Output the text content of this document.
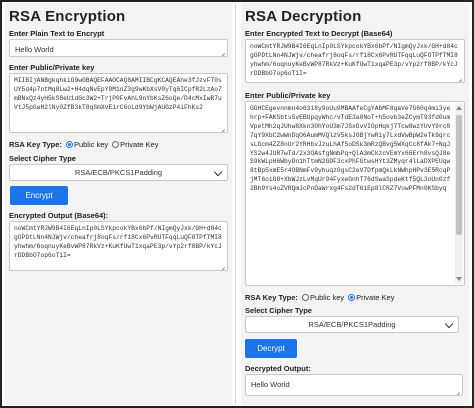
RSA Encryption
Enter Plain Text to Encrypt
Hello World
Enter Public/Private key
MIIBIjANBgkqhkiG9w0BAQEFAAOCAQ8AMIIBCgKCAQEAhe3fJzvFT0sUY5d4p7ntMq8Lw2+H4dqNvEpY0M1nZ3g9wKbXsV0yTq6ICpfR2LzAo7mBNxQz4yH5kS8eU1dGc3W2+TrjP0FvAhL9nYbKsZ6oQe/D4cMxIwR7uVtJ5pGaH2lNy0ZfB3kT8qSmXvE1rC6oLd9YbWjAUGzP4iFhKs2
RSA Key Type: Public key Private Key
Select Cipher Type
RSA/ECB/PKCS1Padding
Encrypt
Encrypted Output (Base64):
noWCmtYRJW9B4I6EqLnIp0LSYkpcokYBx6bPf/NIgmQyJxk/GH+d84cgOPDtLNn4NJWjv/cheafrj8oqFs/rf18Cx6PvRUTFqqLuQFOTPfTMI8yhwhm/6oqnuyKeBvWP87RkVz+KuKfUwT1xqaPE3p/vYp2rf8BP/kYcJrDDBbO7op6oT1I=
RSA Decryption
Enter Encrypted Text to Decrypt (Base64)
noWCmtYRJW9B4I6EqLnIp0LSYkpcokYBx6bPf/NIgmQyJxk/GH+d84cgOPDtLNn4NJWjv/cheafrj8oqFs/rf18Cx6PvRUTFqqLuQFOTPfTMI8yhwhm/6oqnuyKeBvWP87RkVz+KuKfUwT1xqaPE3p/vYp2rf8BP/kYcJrDDBbO7op6oT1I=
Enter Public/Private key
GGHCEgevnnmn4o63i8y9oUu9MBAAfeCgYAbMF8qaVe7G60q4mi3yehrp+FAKSbts5vEBUpqyWhc/vTdE3a0NoT+h5ovb3eZCymT93fd0umVpetMh2qJUhw8Xkn30hYoU3m7JSxGvVIOpHqkj7Tcw8wzYUvY9rc87qY9XbC2wWnDqO6AumMVQlzV5ksJOBjYwRiy7LxdVwBpW2eTk9qrcsLGcm4ZZ8nUr2YRHbvJzuLhAf5oDSk3mRzQBvg5WXqCc8fAk7+NqJYS2w4JUR7wTd/2x3OAsfgNmbPq+QlA3mCkzcVEmYx66Erh8vsQJ8eS9kWLpH6WbyDn1hTtmN2GDF3cxPhFGtwsHYt3ZMyqr4lLaDXPEUqw8tBp5xmE5r4OBNmFv9yhuqz0gsC2eV7DfpmQkLkNWhpHPv3E5RcqPjMT6oiG8+XbWJzLvMqUr94FyxeGnhT76dSwaSpdeKtf5QL3oUn0zf2Bh9Ys4oZVRQmJcPnDaWrxg4Fs2dT61Ep8lCRZ7VowPFMn0KSbyq
RSA Key Type: Public key Private Key
Select Cipher Type
RSA/ECB/PKCS1Padding
Decrypt
Decrypted Output:
Hello World
